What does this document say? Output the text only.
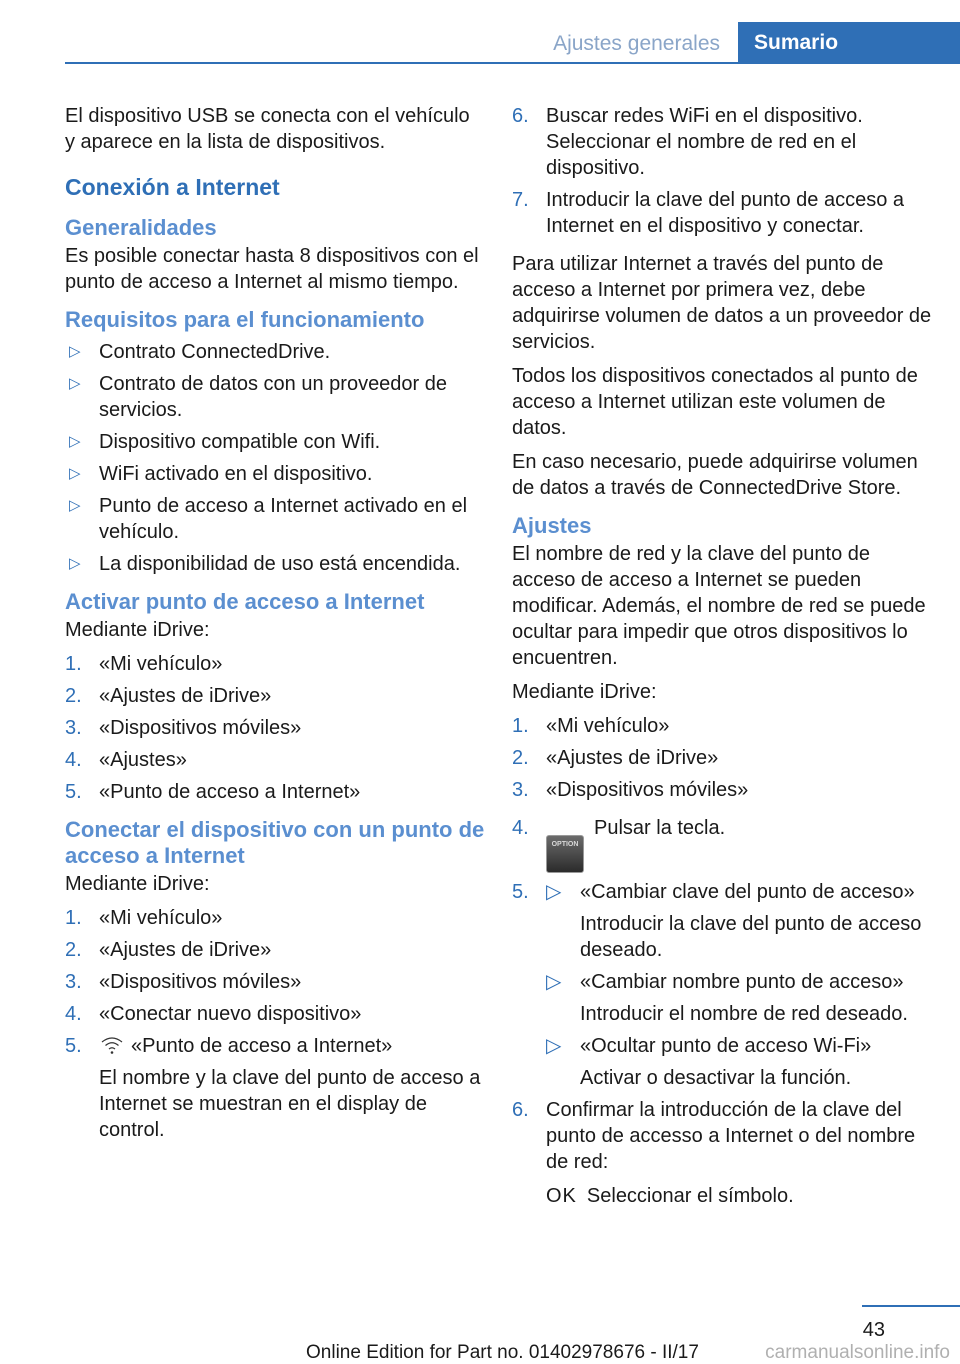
Ajustes generales	Sumario

El dispositivo USB se conecta con el vehículo y aparece en la lista de dispositivos.

Conexión a Internet
Generalidades

Es posible conectar hasta 8 dispositivos con el punto de acceso a Internet al mismo tiempo.

Requisitos para el funcionamiento
▷ Contrato ConnectedDrive.
▷ Contrato de datos con un proveedor de servicios.
▷ Dispositivo compatible con Wifi.
▷ WiFi activado en el dispositivo.
▷ Punto de acceso a Internet activado en el vehículo.
▷ La disponibilidad de uso está encendida.
Activar punto de acceso a Internet

Mediante iDrive:

1. «Mi vehículo»
2. «Ajustes de iDrive»
3. «Dispositivos móviles»
4. «Ajustes»
5. «Punto de acceso a Internet»
Conectar el dispositivo con un punto de acceso a Internet

Mediante iDrive:

1. «Mi vehículo»
2. «Ajustes de iDrive»
3. «Dispositivos móviles»
4. «Conectar nuevo dispositivo»
5. «Punto de acceso a Internet»
El nombre y la clave del punto de acceso a Internet se muestran en el display de control.
6. Buscar redes WiFi en el dispositivo. Seleccionar el nombre de red en el dispositivo.
7. Introducir la clave del punto de acceso a Internet en el dispositivo y conectar.

Para utilizar Internet a través del punto de acceso a Internet por primera vez, debe adquirirse volumen de datos a un proveedor de servicios.

Todos los dispositivos conectados al punto de acceso a Internet utilizan este volumen de datos.

En caso necesario, puede adquirirse volumen de datos a través de ConnectedDrive Store.

Ajustes

El nombre de red y la clave del punto de acceso de acceso a Internet se pueden modificar. Además, el nombre de red se puede ocultar para impedir que otros dispositivos lo encuentren.

Mediante iDrive:

1. «Mi vehículo»
2. «Ajustes de iDrive»
3. «Dispositivos móviles»
4.
OPTIONPulsar la tecla.
5. ▷ «Cambiar clave del punto de acceso»
Introducir la clave del punto de acceso deseado.
▷ «Cambiar nombre punto de acceso»
Introducir el nombre de red deseado.
▷ «Ocultar punto de acceso Wi-Fi»
Activar o desactivar la función.
6. Confirmar la introducción de la clave del punto de accesso a Internet o del nombre de red:
OK Seleccionar el símbolo.
43
Online Edition for Part no. 01402978676 - II/17	carmanualsonline.info
